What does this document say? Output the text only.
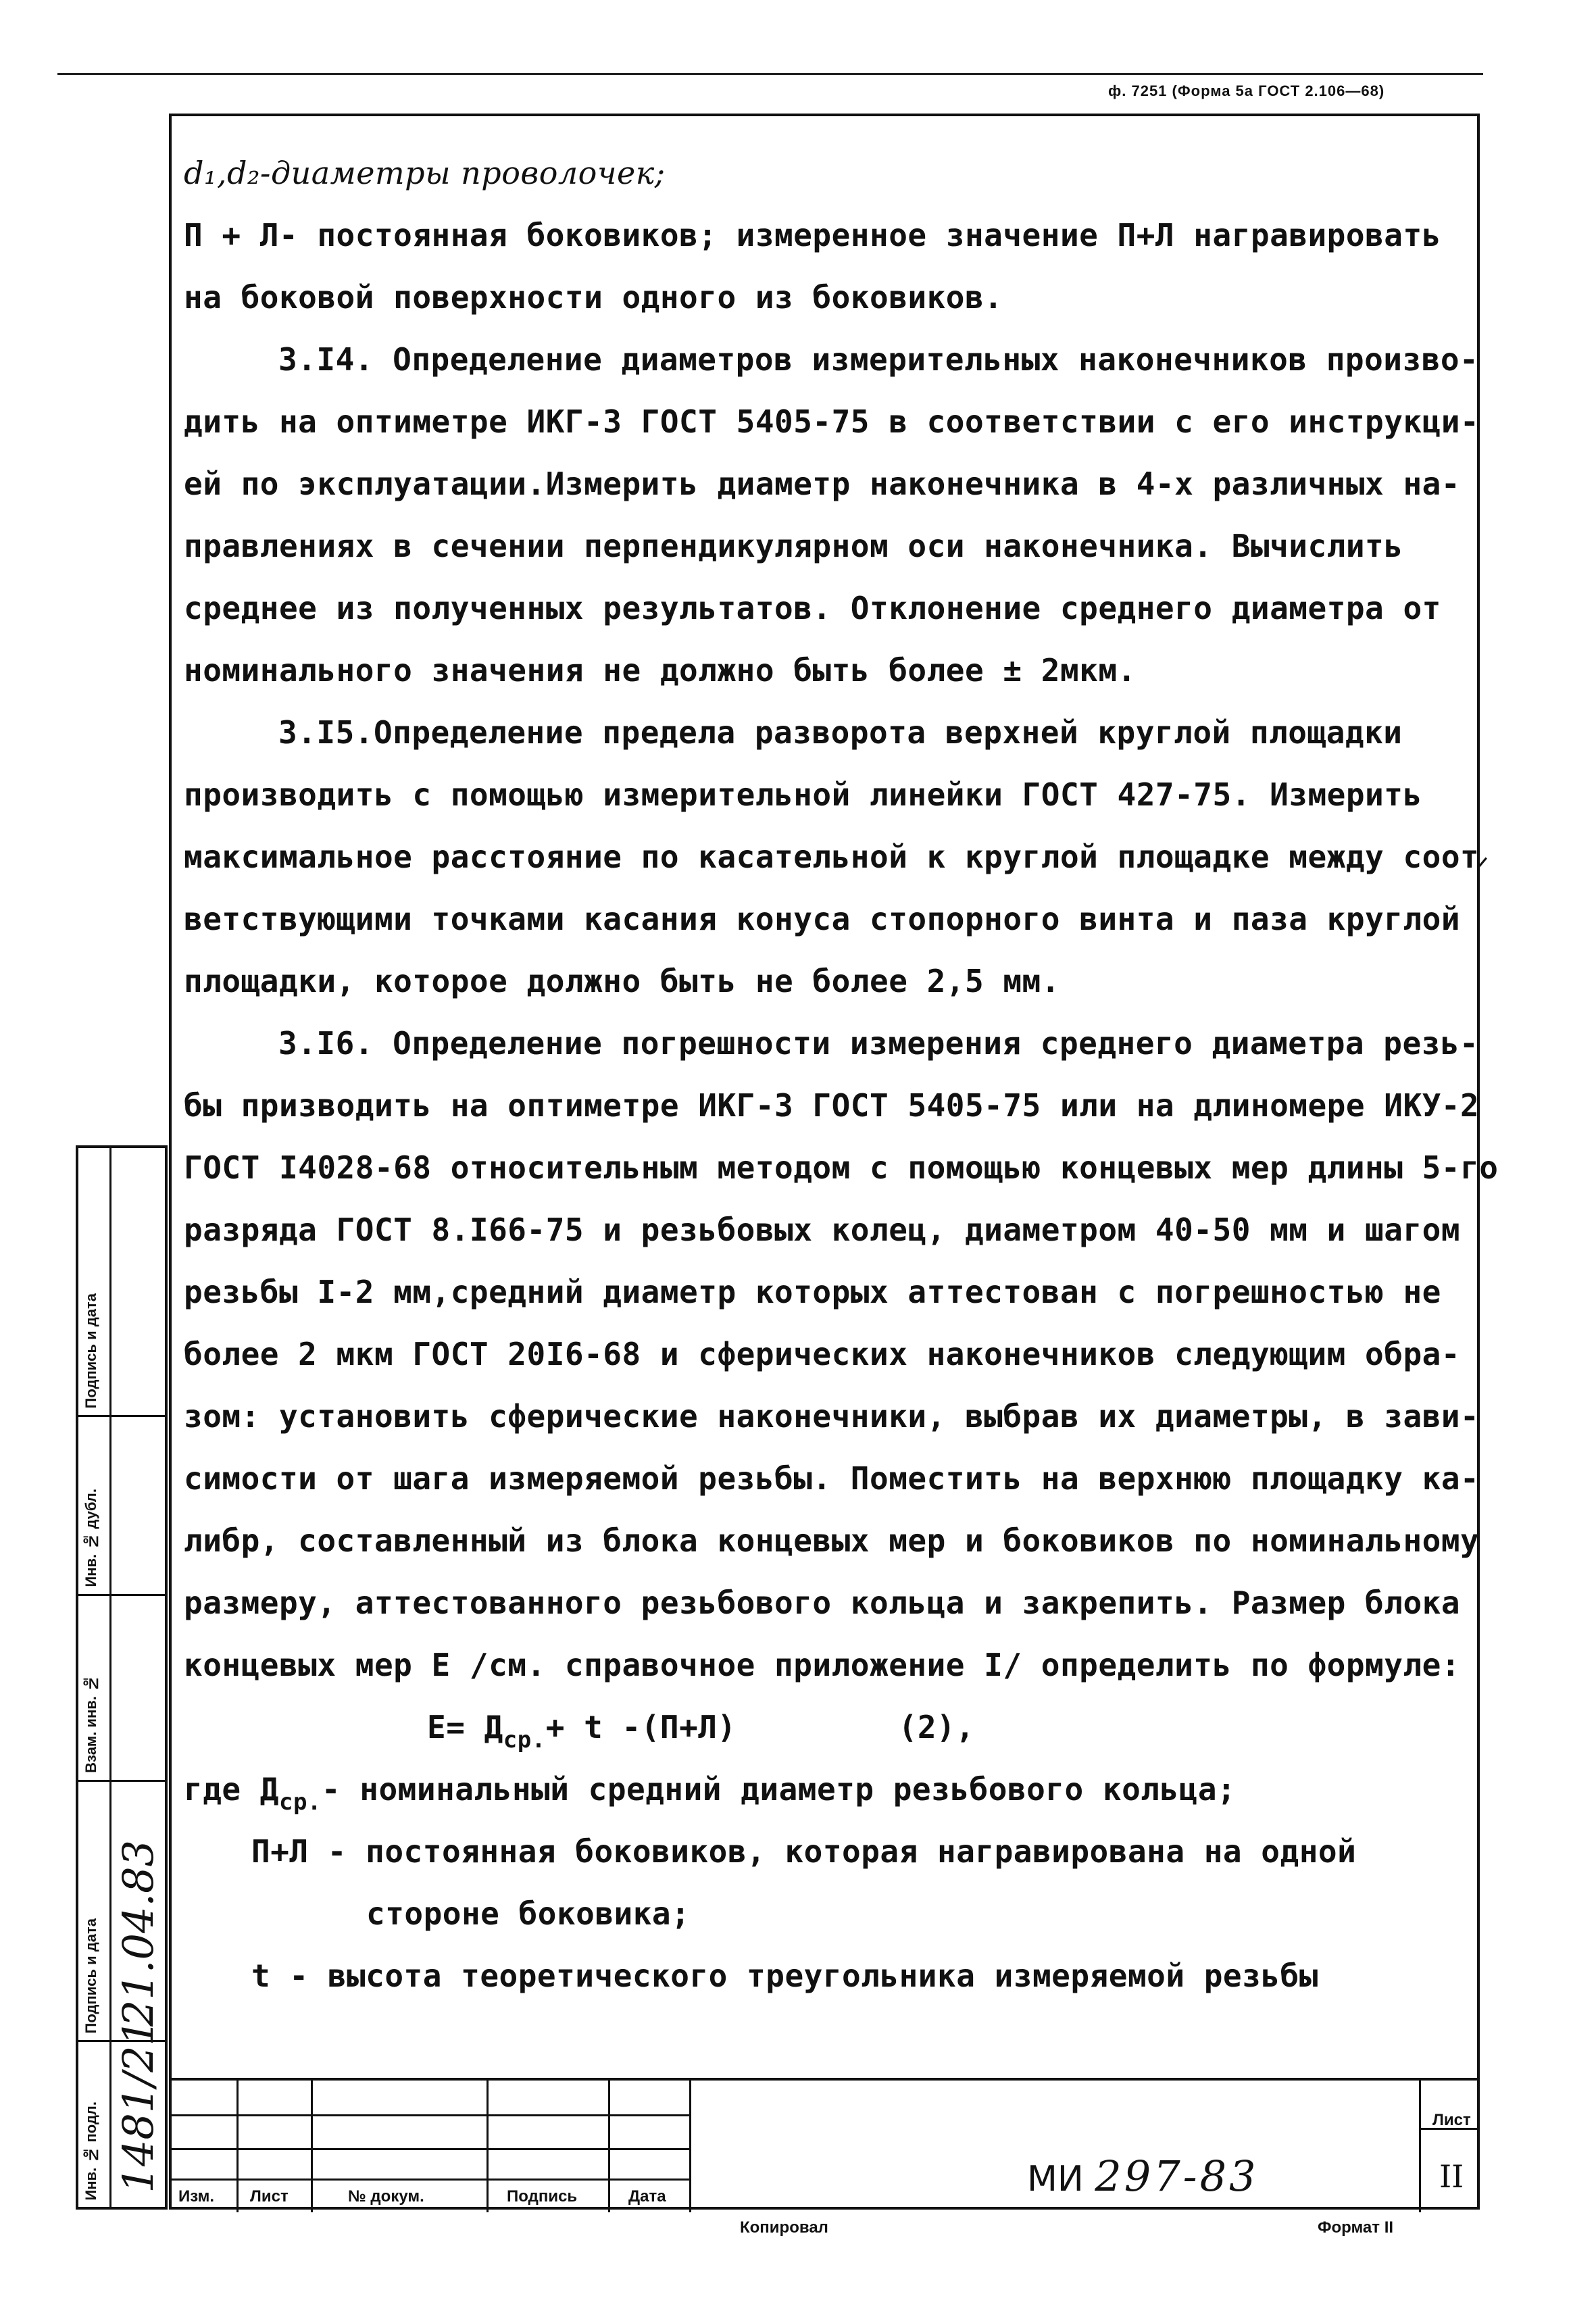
ф. 7251 (Форма 5а ГОСТ 2.106—68)
d₁,d₂-диаметры проволочек;
П + Л- постоянная боковиков; измеренное значение П+Л награвировать
на боковой поверхности одного из боковиков.
3.I4. Определение диаметров измерительных наконечников произво-
дить на оптиметре ИКГ-3 ГОСТ 5405-75 в соответствии с его инструкци-
ей по эксплуатации.Измерить диаметр наконечника в 4-х различных на-
правлениях в сечении перпендикулярном оси наконечника. Вычислить
среднее из полученных результатов. Отклонение среднего диаметра от
номинального значения не должно быть более ± 2мкм.
3.I5.Определение предела разворота верхней круглой площадки
производить с помощью измерительной линейки ГОСТ 427-75. Измерить
максимальное расстояние по касательной к круглой площадке между соот
ветствующими точками касания конуса стопорного винта и паза круглой
площадки, которое должно быть не более 2,5 мм.
3.I6. Определение погрешности измерения среднего диаметра резь-
бы призводить на оптиметре ИКГ-3 ГОСТ 5405-75 или на длиномере ИКУ-2
ГОСТ I4028-68 относительным методом с помощью концевых мер длины 5-го
разряда ГОСТ 8.I66-75 и резьбовых колец, диаметром 40-50 мм и шагом
резьбы I-2 мм,средний диаметр которых аттестован с погрешностью не
более 2 мкм ГОСТ 20I6-68 и сферических наконечников следующим обра-
зом: установить сферические наконечники, выбрав их диаметры, в зави-
симости от шага измеряемой резьбы. Поместить на верхнюю площадку ка-
либр, составленный из блока концевых мер и боковиков по номинальному
размеру, аттестованного резьбового кольца и закрепить. Размер блока
концевых мер Е /см. справочное приложение I/ определить по формуле:
$Е= Д_{ср.}+ t$ -(П+Л)	(2),
где $Д_{ср.}-$ номинальный средний диаметр резьбового кольца;
П+Л - постоянная боковиков, которая награвирована на одной
стороне боковика;
t - высота теоретического треугольника измеряемой резьбы
ᐟ
Подпись и дата
Инв. № дубл.
Взам. инв. №
Подпись и дата 21.04.83
Инв. № подл. 1481/21
Изм. Лист	№ докум.	Подпись	Дата	МИ 297-83
Лист
II
Копировал	Формат II
